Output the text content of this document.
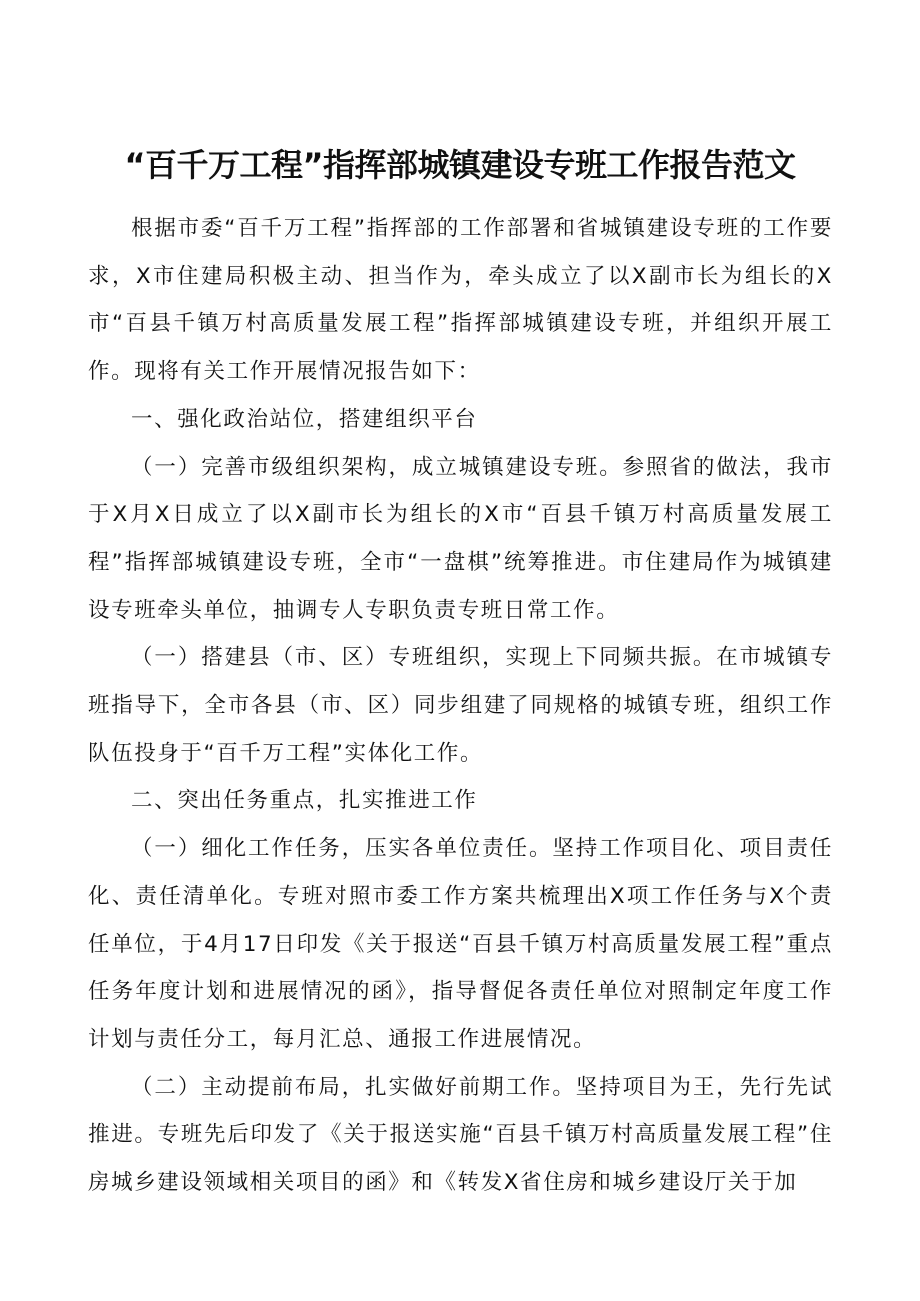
“百千万工程”指挥部城镇建设专班工作报告范文

根据市委“百千万工程”指挥部的工作部署和省城镇建设专班的工作要求，X市住建局积极主动、担当作为，牵头成立了以X副市长为组长的X市“百县千镇万村高质量发展工程”指挥部城镇建设专班，并组织开展工作。现将有关工作开展情况报告如下：

一、强化政治站位，搭建组织平台

（一）完善市级组织架构，成立城镇建设专班。参照省的做法，我市于X月X日成立了以X副市长为组长的X市“百县千镇万村高质量发展工程”指挥部城镇建设专班，全市“一盘棋”统筹推进。市住建局作为城镇建设专班牵头单位，抽调专人专职负责专班日常工作。

（一）搭建县（市、区）专班组织，实现上下同频共振。在市城镇专班指导下，全市各县（市、区）同步组建了同规格的城镇专班，组织工作队伍投身于“百千万工程”实体化工作。

二、突出任务重点，扎实推进工作

（一）细化工作任务，压实各单位责任。坚持工作项目化、项目责任化、责任清单化。专班对照市委工作方案共梳理出X项工作任务与X个责任单位，于4月17日印发《关于报送“百县千镇万村高质量发展工程”重点任务年度计划和进展情况的函》，指导督促各责任单位对照制定年度工作计划与责任分工，每月汇总、通报工作进展情况。

（二）主动提前布局，扎实做好前期工作。坚持项目为王，先行先试推进。专班先后印发了《关于报送实施“百县千镇万村高质量发展工程”住房城乡建设领域相关项目的函》和《转发X省住房和城乡建设厅关于加
